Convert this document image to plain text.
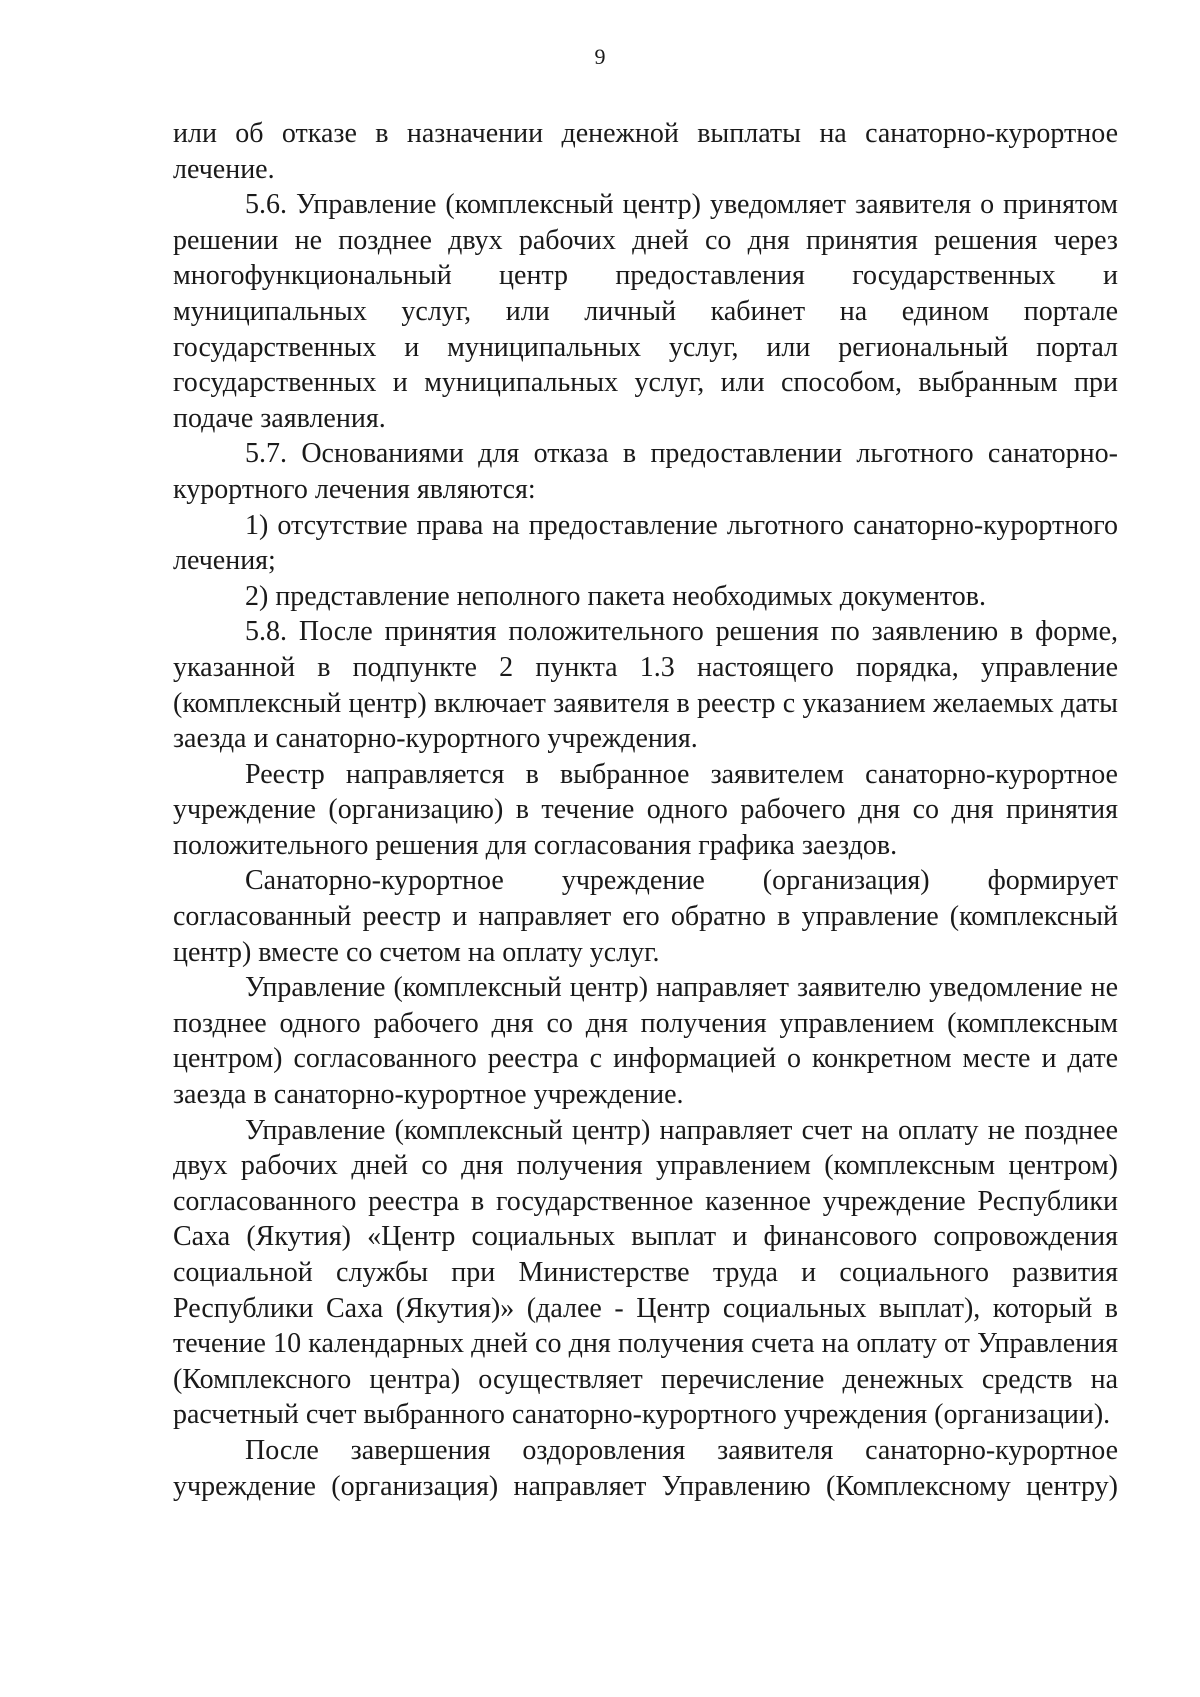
9

или об отказе в назначении денежной выплаты на санаторно-курортное лечение.

5.6. Управление (комплексный центр) уведомляет заявителя о принятом решении не позднее двух рабочих дней со дня принятия решения через многофункциональный центр предоставления государственных и муниципальных услуг, или личный кабинет на едином портале государственных и муниципальных услуг, или региональный портал государственных и муниципальных услуг, или способом, выбранным при подаче заявления.

5.7. Основаниями для отказа в предоставлении льготного санаторно-курортного лечения являются:

1) отсутствие права на предоставление льготного санаторно-курортного лечения;

2) представление неполного пакета необходимых документов.

5.8. После принятия положительного решения по заявлению в форме, указанной в подпункте 2 пункта 1.3 настоящего порядка, управление (комплексный центр) включает заявителя в реестр с указанием желаемых даты заезда и санаторно-курортного учреждения.

Реестр направляется в выбранное заявителем санаторно-курортное учреждение (организацию) в течение одного рабочего дня со дня принятия положительного решения для согласования графика заездов.

Санаторно-курортное учреждение (организация) формирует согласованный реестр и направляет его обратно в управление (комплексный центр) вместе со счетом на оплату услуг.

Управление (комплексный центр) направляет заявителю уведомление не позднее одного рабочего дня со дня получения управлением (комплексным центром) согласованного реестра с информацией о конкретном месте и дате заезда в санаторно-курортное учреждение.

Управление (комплексный центр) направляет счет на оплату не позднее двух рабочих дней со дня получения управлением (комплексным центром) согласованного реестра в государственное казенное учреждение Республики Саха (Якутия) «Центр социальных выплат и финансового сопровождения социальной службы при Министерстве труда и социального развития Республики Саха (Якутия)» (далее - Центр социальных выплат), который в течение 10 календарных дней со дня получения счета на оплату от Управления (Комплексного центра) осуществляет перечисление денежных средств на расчетный счет выбранного санаторно-курортного учреждения (организации).

После завершения оздоровления заявителя санаторно-курортное учреждение (организация) направляет Управлению (Комплексному центру)
